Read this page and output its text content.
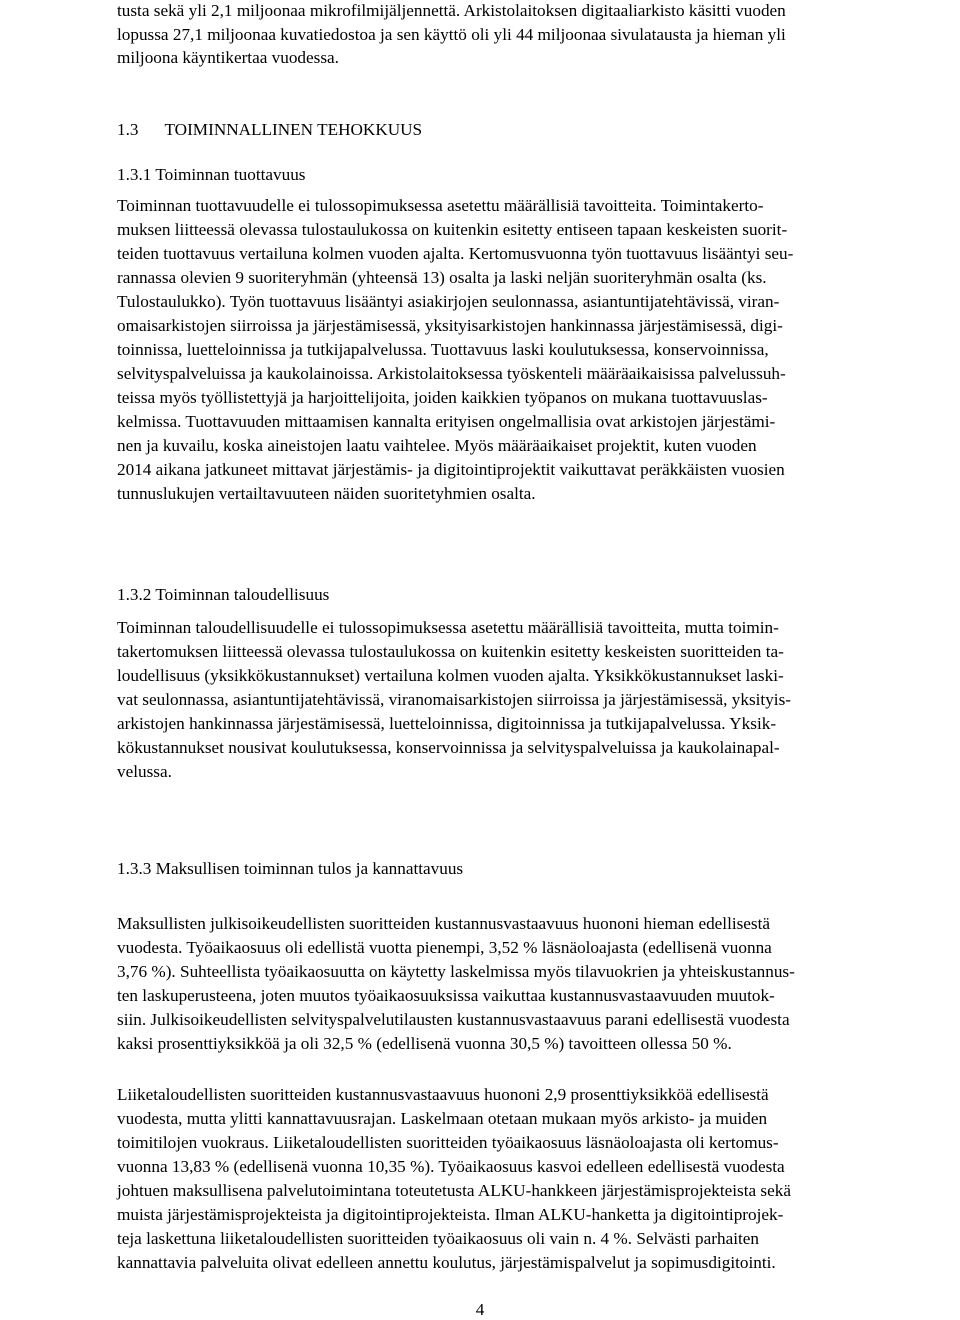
tusta sekä yli 2,1 miljoonaa mikrofilmijäljennettä. Arkistolaitoksen digitaaliarkisto käsitti vuoden
lopussa 27,1 miljoonaa kuvatiedostoa ja sen käyttö oli yli 44 miljoonaa sivulatausta ja hieman yli
miljoona käyntikertaa vuodessa.
1.3 TOIMINNALLINEN TEHOKKUUS
1.3.1 Toiminnan tuottavuus
Toiminnan tuottavuudelle ei tulossopimuksessa asetettu määrällisiä tavoitteita. Toimintakerto-
muksen liitteessä olevassa tulostaulukossa on kuitenkin esitetty entiseen tapaan keskeisten suorit-
teiden tuottavuus vertailuna kolmen vuoden ajalta. Kertomusvuonna työn tuottavuus lisääntyi seu-
rannassa olevien 9 suoriteryhmän (yhteensä 13) osalta ja laski neljän suoriteryhmän osalta (ks.
Tulostaulukko). Työn tuottavuus lisääntyi asiakirjojen seulonnassa, asiantuntijatehtävissä, viran-
omaisarkistojen siirroissa ja järjestämisessä, yksityisarkistojen hankinnassa järjestämisessä, digi-
toinnissa, luetteloinnissa ja tutkijapalvelussa. Tuottavuus laski koulutuksessa, konservoinnissa,
selvityspalveluissa ja kaukolainoissa. Arkistolaitoksessa työskenteli määräaikaisissa palvelussuh-
teissa myös työllistettyjä ja harjoittelijoita, joiden kaikkien työpanos on mukana tuottavuuslas-
kelmissa. Tuottavuuden mittaamisen kannalta erityisen ongelmallisia ovat arkistojen järjestämi-
nen ja kuvailu, koska aineistojen laatu vaihtelee. Myös määräaikaiset projektit, kuten vuoden
2014 aikana jatkuneet mittavat järjestämis- ja digitointiprojektit vaikuttavat peräkkäisten vuosien
tunnuslukujen vertailtavuuteen näiden suoritetyhmien osalta.
1.3.2 Toiminnan taloudellisuus
Toiminnan taloudellisuudelle ei tulossopimuksessa asetettu määrällisiä tavoitteita, mutta toimin-
takertomuksen liitteessä olevassa tulostaulukossa on kuitenkin esitetty keskeisten suoritteiden ta-
loudellisuus (yksikkökustannukset) vertailuna kolmen vuoden ajalta. Yksikkökustannukset laski-
vat seulonnassa, asiantuntijatehtävissä, viranomaisarkistojen siirroissa ja järjestämisessä, yksityis-
arkistojen hankinnassa järjestämisessä, luetteloinnissa, digitoinnissa ja tutkijapalvelussa. Yksik-
kökustannukset nousivat koulutuksessa, konservoinnissa ja selvityspalveluissa ja kaukolainapal-
velussa.
1.3.3 Maksullisen toiminnan tulos ja kannattavuus
Maksullisten julkisoikeudellisten suoritteiden kustannusvastaavuus huononi hieman edellisestä
vuodesta. Työaikaosuus oli edellistä vuotta pienempi, 3,52 % läsnäoloajasta (edellisenä vuonna
3,76 %). Suhteellista työaikaosuutta on käytetty laskelmissa myös tilavuokrien ja yhteiskustannus-
ten laskuperusteena, joten muutos työaikaosuuksissa vaikuttaa kustannusvastaavuuden muutok-
siin. Julkisoikeudellisten selvityspalvelutilausten kustannusvastaavuus parani edellisestä vuodesta
kaksi prosenttiyksikköä ja oli 32,5 % (edellisenä vuonna 30,5 %) tavoitteen ollessa 50 %.
Liiketaloudellisten suoritteiden kustannusvastaavuus huononi 2,9 prosenttiyksikköä edellisestä
vuodesta, mutta ylitti kannattavuusrajan. Laskelmaan otetaan mukaan myös arkisto- ja muiden
toimitilojen vuokraus. Liiketaloudellisten suoritteiden työaikaosuus läsnäoloajasta oli kertomus-
vuonna 13,83 % (edellisenä vuonna 10,35 %). Työaikaosuus kasvoi edelleen edellisestä vuodesta
johtuen maksullisena palvelutoimintana toteutetusta ALKU-hankkeen järjestämisprojekteista sekä
muista järjestämisprojekteista ja digitointiprojekteista. Ilman ALKU-hanketta ja digitointiprojek-
teja laskettuna liiketaloudellisten suoritteiden työaikaosuus oli vain n. 4 %. Selvästi parhaiten
kannattavia palveluita olivat edelleen annettu koulutus, järjestämispalvelut ja sopimusdigitointi.
4
